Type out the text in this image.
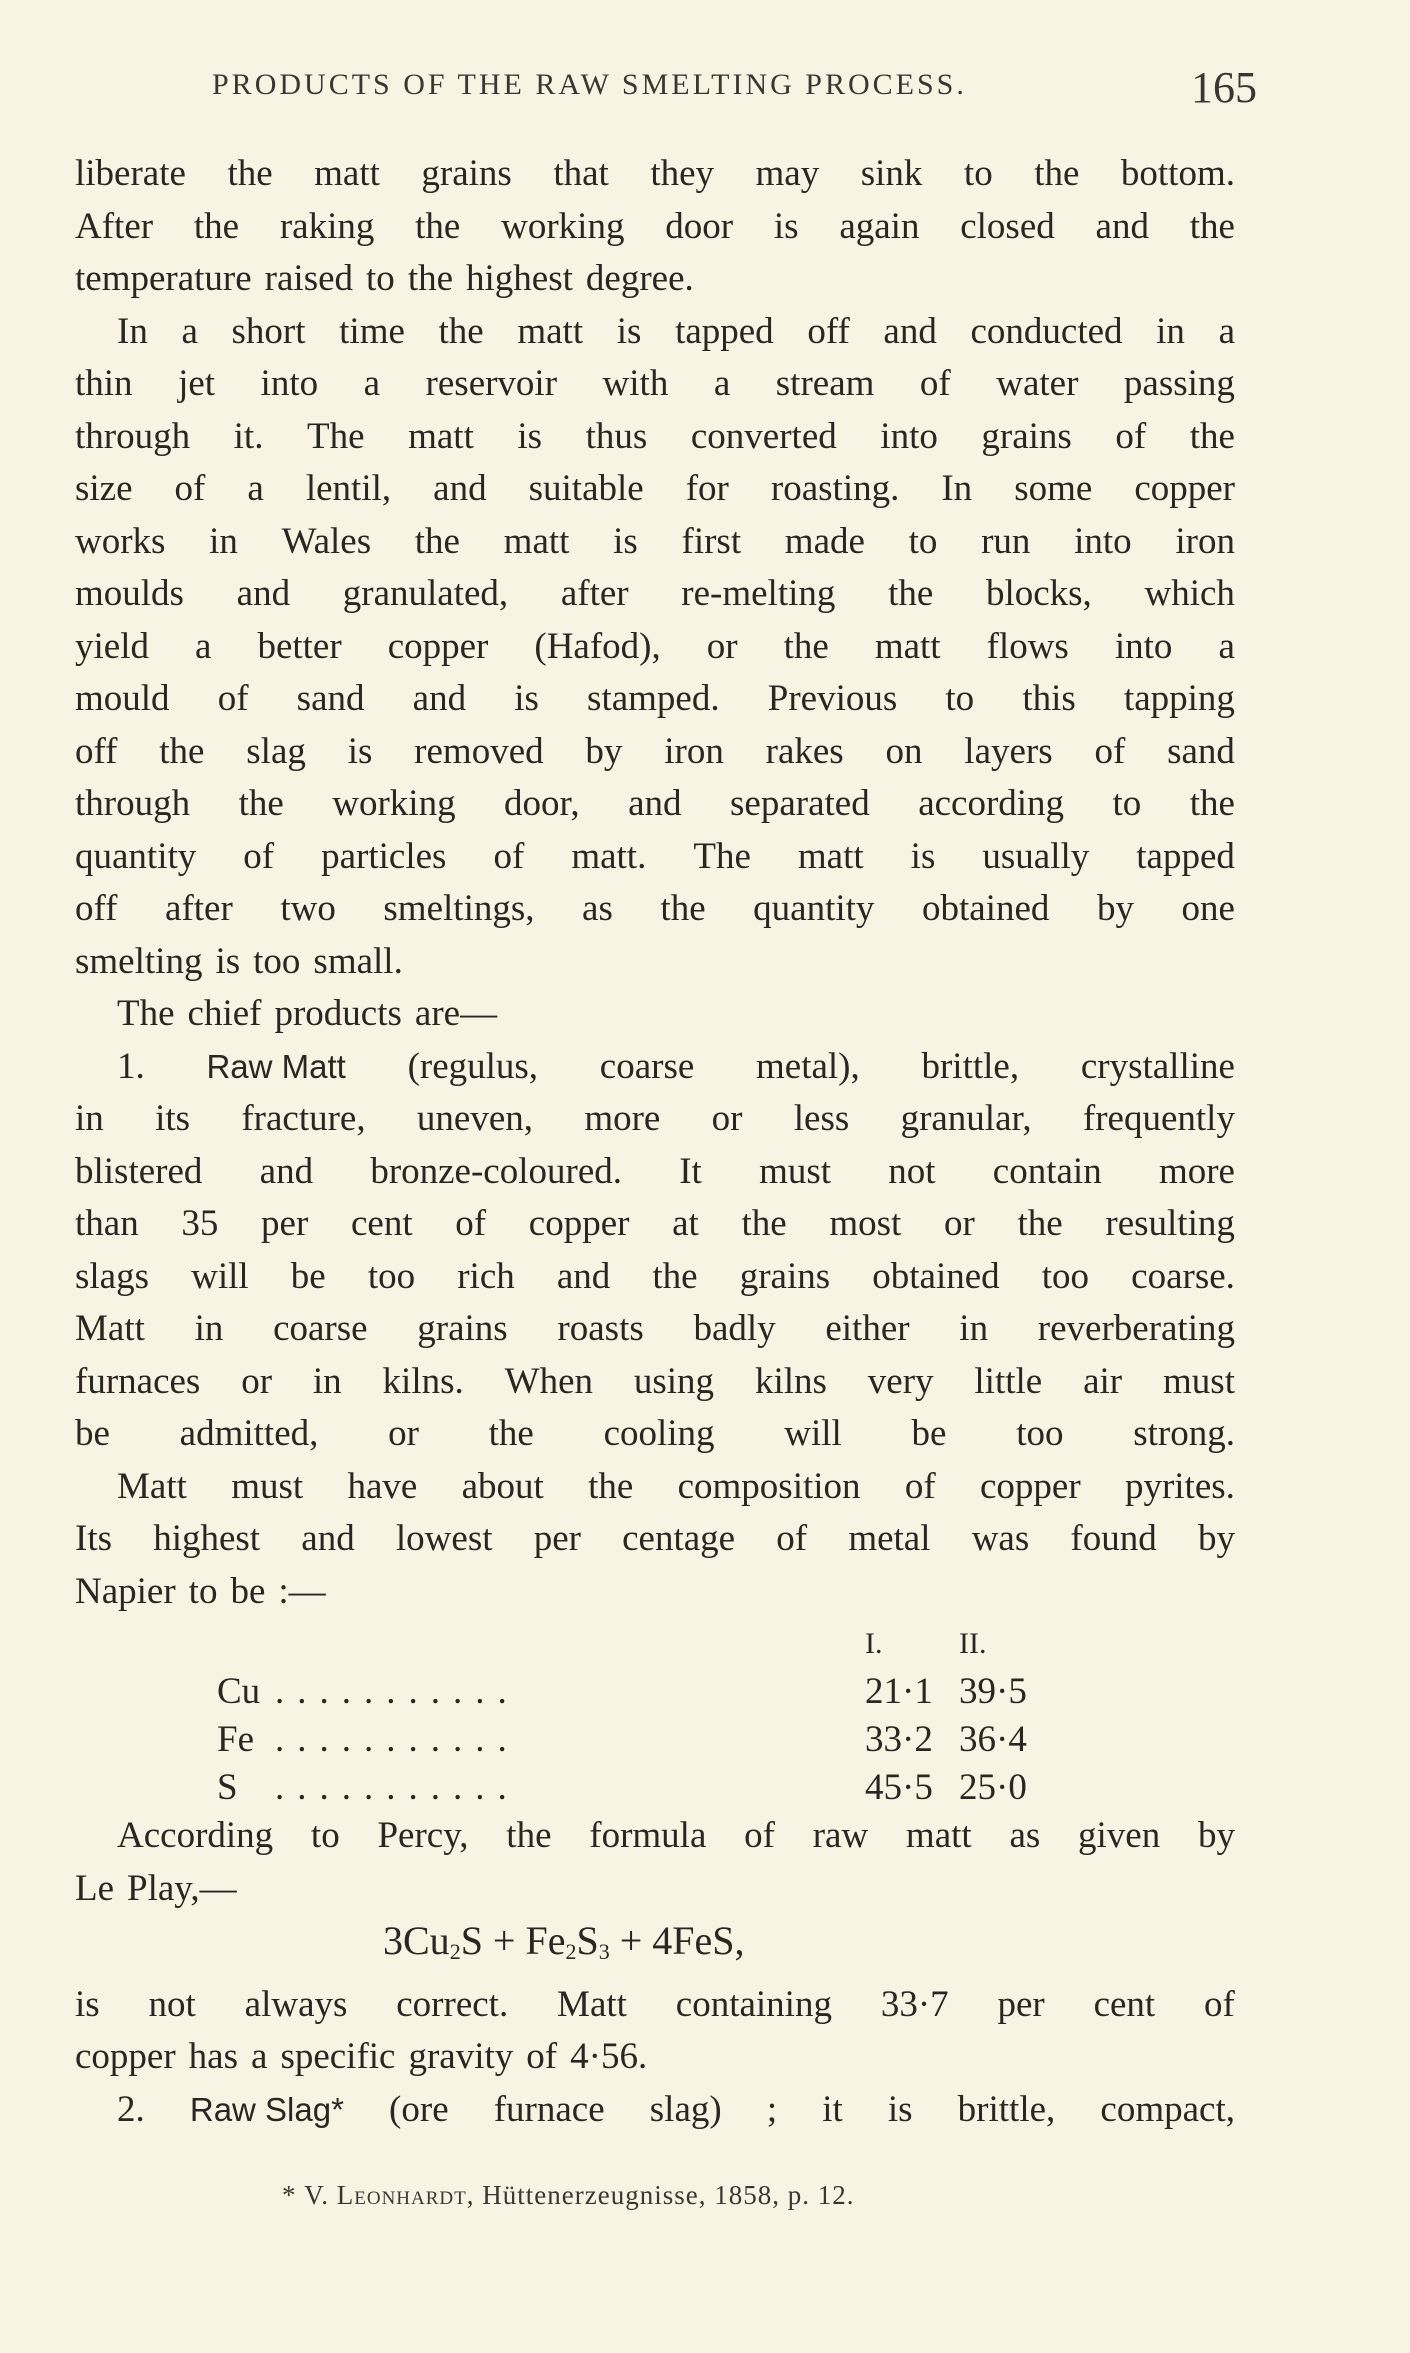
PRODUCTS OF THE RAW SMELTING PROCESS.	165
liberate the matt grains that they may sink to the bottom.
After the raking the working door is again closed and the
temperature raised to the highest degree.
In a short time the matt is tapped off and conducted in a
thin jet into a reservoir with a stream of water passing
through it. The matt is thus converted into grains of the
size of a lentil, and suitable for roasting. In some copper
works in Wales the matt is first made to run into iron
moulds and granulated, after re-melting the blocks, which
yield a better copper (Hafod), or the matt flows into a
mould of sand and is stamped. Previous to this tapping
off the slag is removed by iron rakes on layers of sand
through the working door, and separated according to the
quantity of particles of matt. The matt is usually tapped
off after two smeltings, as the quantity obtained by one
smelting is too small.
The chief products are—
1. Raw Matt (regulus, coarse metal), brittle, crystalline
in its fracture, uneven, more or less granular, frequently
blistered and bronze-coloured. It must not contain more
than 35 per cent of copper at the most or the resulting
slags will be too rich and the grains obtained too coarse.
Matt in coarse grains roasts badly either in reverberating
furnaces or in kilns. When using kilns very little air must
be admitted, or the cooling will be too strong.
Matt must have about the composition of copper pyrites.
Its highest and lowest per centage of metal was found by
Napier to be :—
I.	II.
Cu ...........	21·1 39·5
Fe ...........	33·2 36·4
S ...........	45·5 25·0
According to Percy, the formula of raw matt as given by
Le Play,—
$3Cu_2S + Fe_2S_3 + 4FeS$,
is not always correct. Matt containing 33·7 per cent of
copper has a specific gravity of 4·56.
2. Raw Slag* (ore furnace slag) ; it is brittle, compact,
* V. Leonhardt, Hüttenerzeugnisse, 1858, p. 12.
